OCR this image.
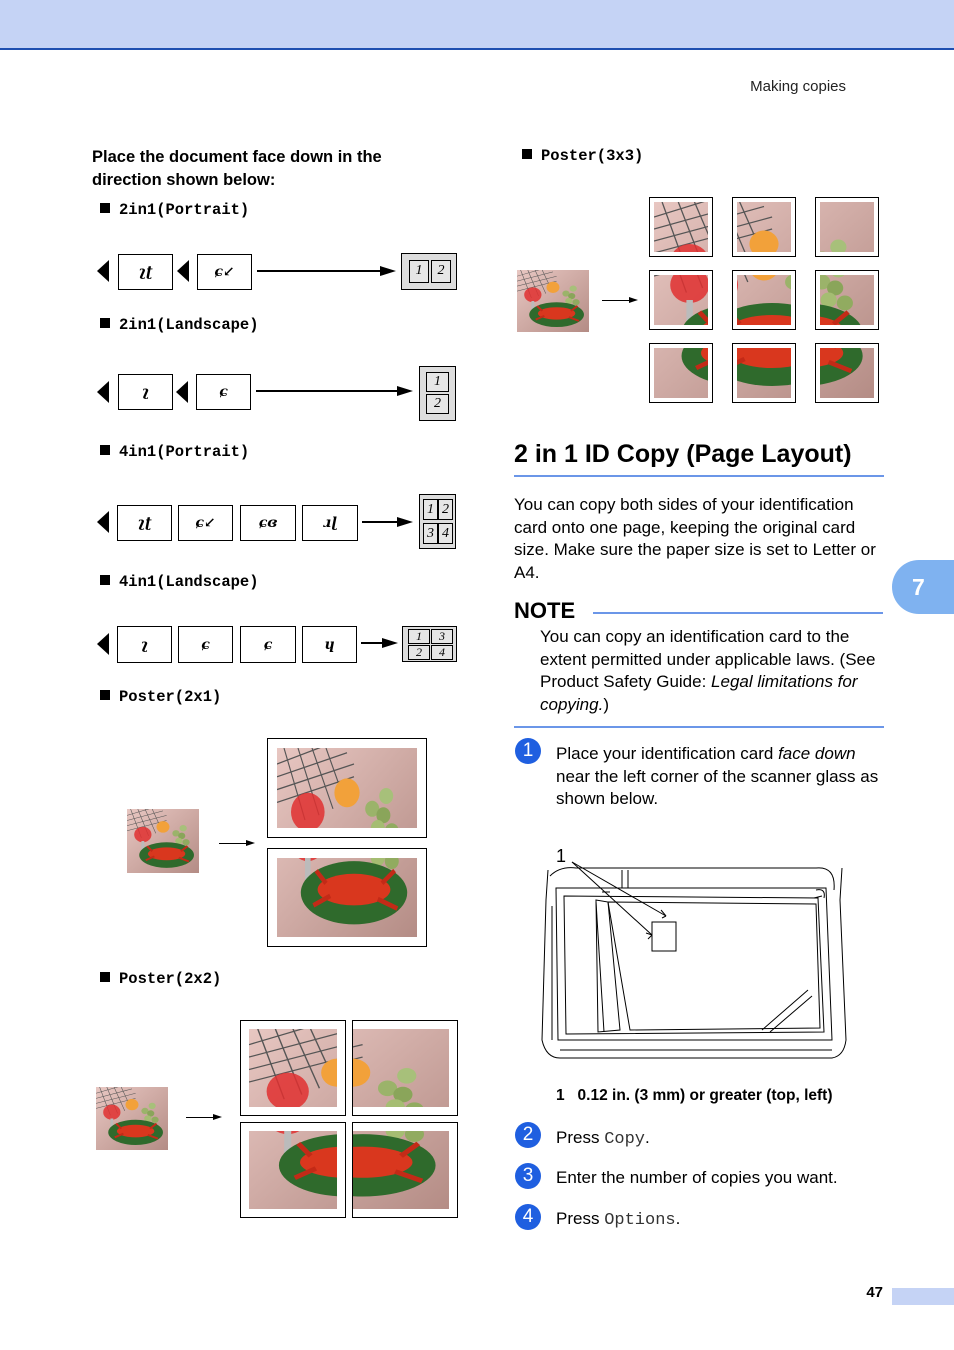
Making copies
Place the document face down in the direction shown below:
2in1(Portrait)
ʅʈ	ɕ↙	1	2
2in1(Landscape)
ʅ	ɕ
1
2
4in1(Portrait)
ʅʈ	ɕ↙	ɕɞ	ɹɭ
1 2
3 4
4in1(Landscape)
ʅ	ɕ	ɕ	ɥ
1	3
2	4
Poster(2x1)
Poster(2x2)
Poster(3x3)
2 in 1 ID Copy (Page Layout)
You can copy both sides of your identification card onto one page, keeping the original card size. Make sure the paper size is set to Letter or A4.
NOTE
You can copy an identification card to the extent permitted under applicable laws. (See Product Safety Guide: Legal limitations for copying.)
1	Place your identification card face down near the left corner of the scanner glass as shown below.
1
1 0.12 in. (3 mm) or greater (top, left)
2	Press Copy.
3	Enter the number of copies you want.
4	Press Options.
7
47
